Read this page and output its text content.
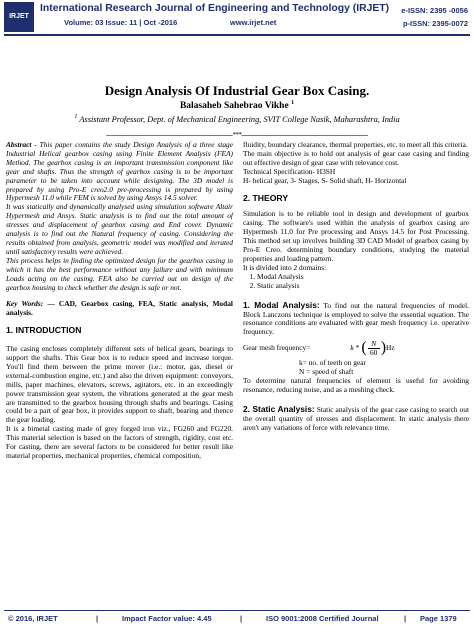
IRJET
International Research Journal of Engineering and Technology (IRJET)
Volume: 03 Issue: 11 | Oct -2016	www.irjet.net
e-ISSN: 2395 -0056
p-ISSN: 2395-0072
Design Analysis Of Industrial Gear Box Casing.
Balasaheb Sahebrao Vikhe $^1$
$^1$ Assistant Professor, Dept. of Mechanical Engineering, SVIT College Nasik, Maharashtra, India
---------------------------------------------------------------------***---------------------------------------------------------------------

Abstract - This paper contains the study Design Analysis of a three stage Industrial Helical gearbox casing using Finite Element Analysis (FEA) Method. The gearbox casing is an important transmission component like gear and shafts. Thus the strength of gearbox casing is to be important parameter to be taken into account while designing. The 3D model is prepared by using Pro-E creo2.0 pre-processing is prepared by using Hypermesh 11.0 while FEM is solved by using Ansys 14.5 solver.

It was statically and dynamically analysed using simulation software Altair Hypermesh and Ansys. Static analysis is to find out the total amount of stresses and displacement of gearbox casing and End cover. Dynamic analysis is to find out the Natural frequency of casing. Considering the results obtained from analysis, geometric model was modified and iterated until satisfactory results were achieved.

This process helps in finding the optimized design for the gearbox casing in which it has the best performance without any failure and with minimum Loads acting on the casing. FEA also be carried out on design of the gearbox housing to check whether the design is safe or not.

Key Words: — CAD, Gearbox casing, FEA, Static analysis, Modal analysis.

1. INTRODUCTION

The casing encloses completely different sets of helical gears, bearings to support the shafts. This Gear box is to reduce speed and increase torque. You'll find them between the prime mover (i.e.: motor, gas, diesel or external-combustion engine, etc.) and also the driven equipment: conveyors, mills, paper machines, elevators, screws, agitators, etc. in an exceedingly power transmission gear system, the vibrations generated at the gear mesh are transmitted to the gearbox housing through shafts and bearings. Casing could be a part of gear box, it provides support to shaft, bearing and thence the gear loading.

It is a bimetal casting made of grey forged iron viz., FG260 and FG220. This material selection is based on the factors of strength, rigidity, cost etc. For casting, there are several factors to be considered for better result like material properties, mechanical properties, chemical composition,

fluidity, boundary clearance, thermal properties, etc. to meet all this criteria.

The main objective is to hold out analysis of gear case casing and finding out effective design of gear case with relevance cost.

Technical Specification- H3SH

H- helical gear, 3- Stages, S- Solid shaft, H- Horizontal

2. THEORY

Simulation is to be reliable tool in design and development of gearbox casing. The software's used within the analysis of gearbox casing are Hypermesh 11.0 for Pre processing and Ansys 14.5 for Post Processing. This method set up involves building 3D CAD Model of gearbox casing by Pro-E Creo. determining boundary conditions, studying the material properties and loading pattern.

It is divided into 2 domains:

1. Modal Analysis
2. Static analysis

1. Modal Analysis: To find out the natural frequencies of model. Block Lanczons technique is employed to solve the essential equation. The resonance conditions are evaluated with gear mesh frequency i.e. operative frequency.

Gear mesh frequency=	k * ( $\frac{N}{60}$ ) Hz

k= no. of teeth on gear

N = speed of shaft

To determine natural frequencies of element is useful for avoiding resonance, reducing noise, and as a meshing check.

2. Static Analysis: Static analysis of the gear case casing to search out the overall quantity of stresses and displacement. In static analysis there aren't any variations of force with relevance time.

© 2016, IRJET	|	Impact Factor value: 4.45	|	ISO 9001:2008 Certified Journal	| Page 1379
